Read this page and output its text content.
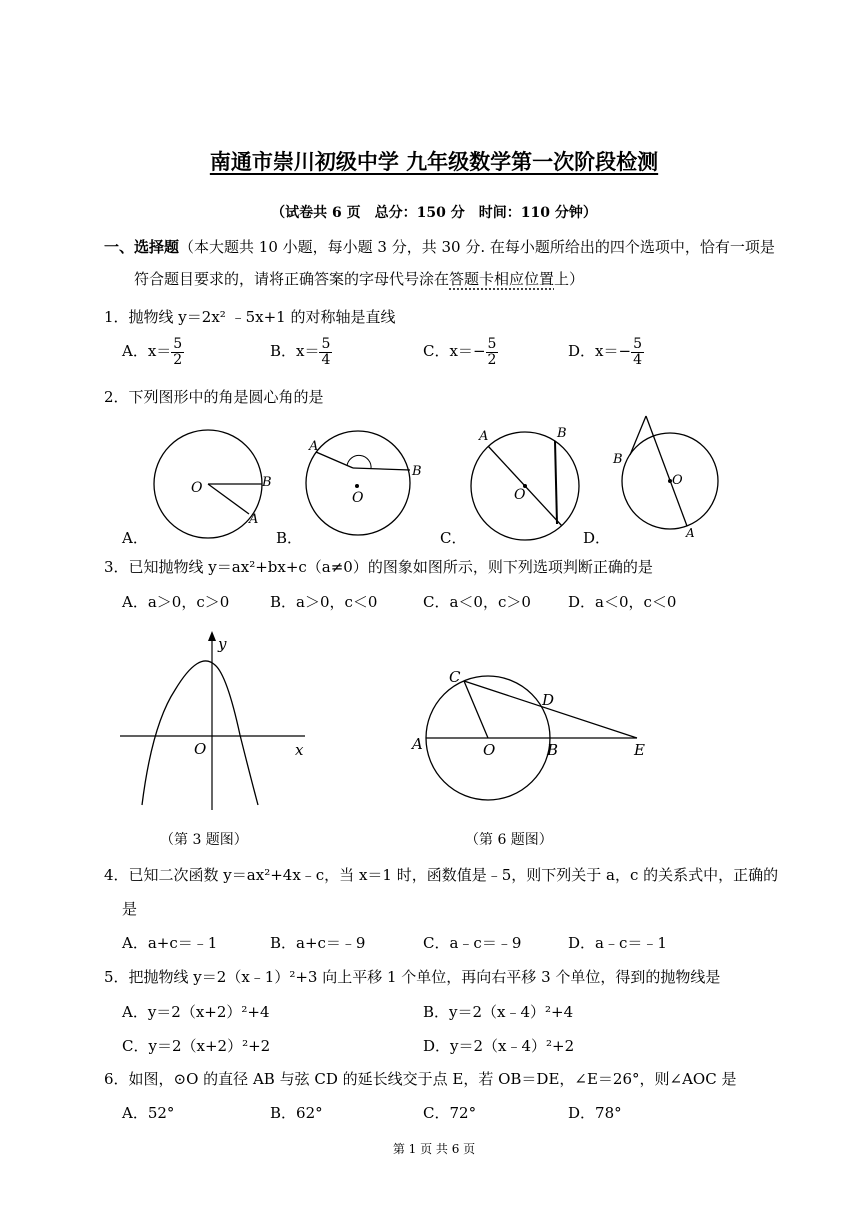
南通市崇川初级中学 九年级数学第一次阶段检测
（试卷共 6 页　总分：150 分　时间：110 分钟）
一、选择题（本大题共 10 小题，每小题 3 分，共 30 分. 在每小题所给出的四个选项中，恰有一项是
符合题目要求的，请将正确答案的字母代号涂在答题卡相应位置上）
1．抛物线 y＝2x² ﹣5x+1 的对称轴是直线
A．$x= \frac{5}{2}$	B．$x= \frac{5}{4}$	C．$x=- \frac{5}{2}$	D．$x=- \frac{5}{4}$
2．下列图形中的角是圆心角的是
O	B
A
O
A
B
O
A	B
O
B
A
A．	B．	C．	D．
3．已知抛物线 y＝ax²+bx+c（a≠0）的图象如图所示，则下列选项判断正确的是
A．a＞0，c＞0	B．a＞0，c＜0	C．a＜0，c＞0 D．a＜0，c＜0
y
x
O
（第 3 题图）
C
D
A	O	B	E
（第 6 题图）
4．已知二次函数 y＝ax²+4x﹣c，当 x＝1 时，函数值是﹣5，则下列关于 a，c 的关系式中，正确的
是
A．a+c＝﹣1	B．a+c＝﹣9	C．a﹣c＝﹣9	D．a﹣c＝﹣1
5．把抛物线 y＝2（x﹣1）²+3 向上平移 1 个单位，再向右平移 3 个单位，得到的抛物线是
A．y＝2（x+2）²+4	B．y＝2（x﹣4）²+4
C．y＝2（x+2）²+2	D．y＝2（x﹣4）²+2
6．如图，⊙O 的直径 AB 与弦 CD 的延长线交于点 E，若 OB＝DE，∠E＝26°，则∠AOC 是
A．52°	B．62°	C．72°	D．78°
第 1 页 共 6 页
